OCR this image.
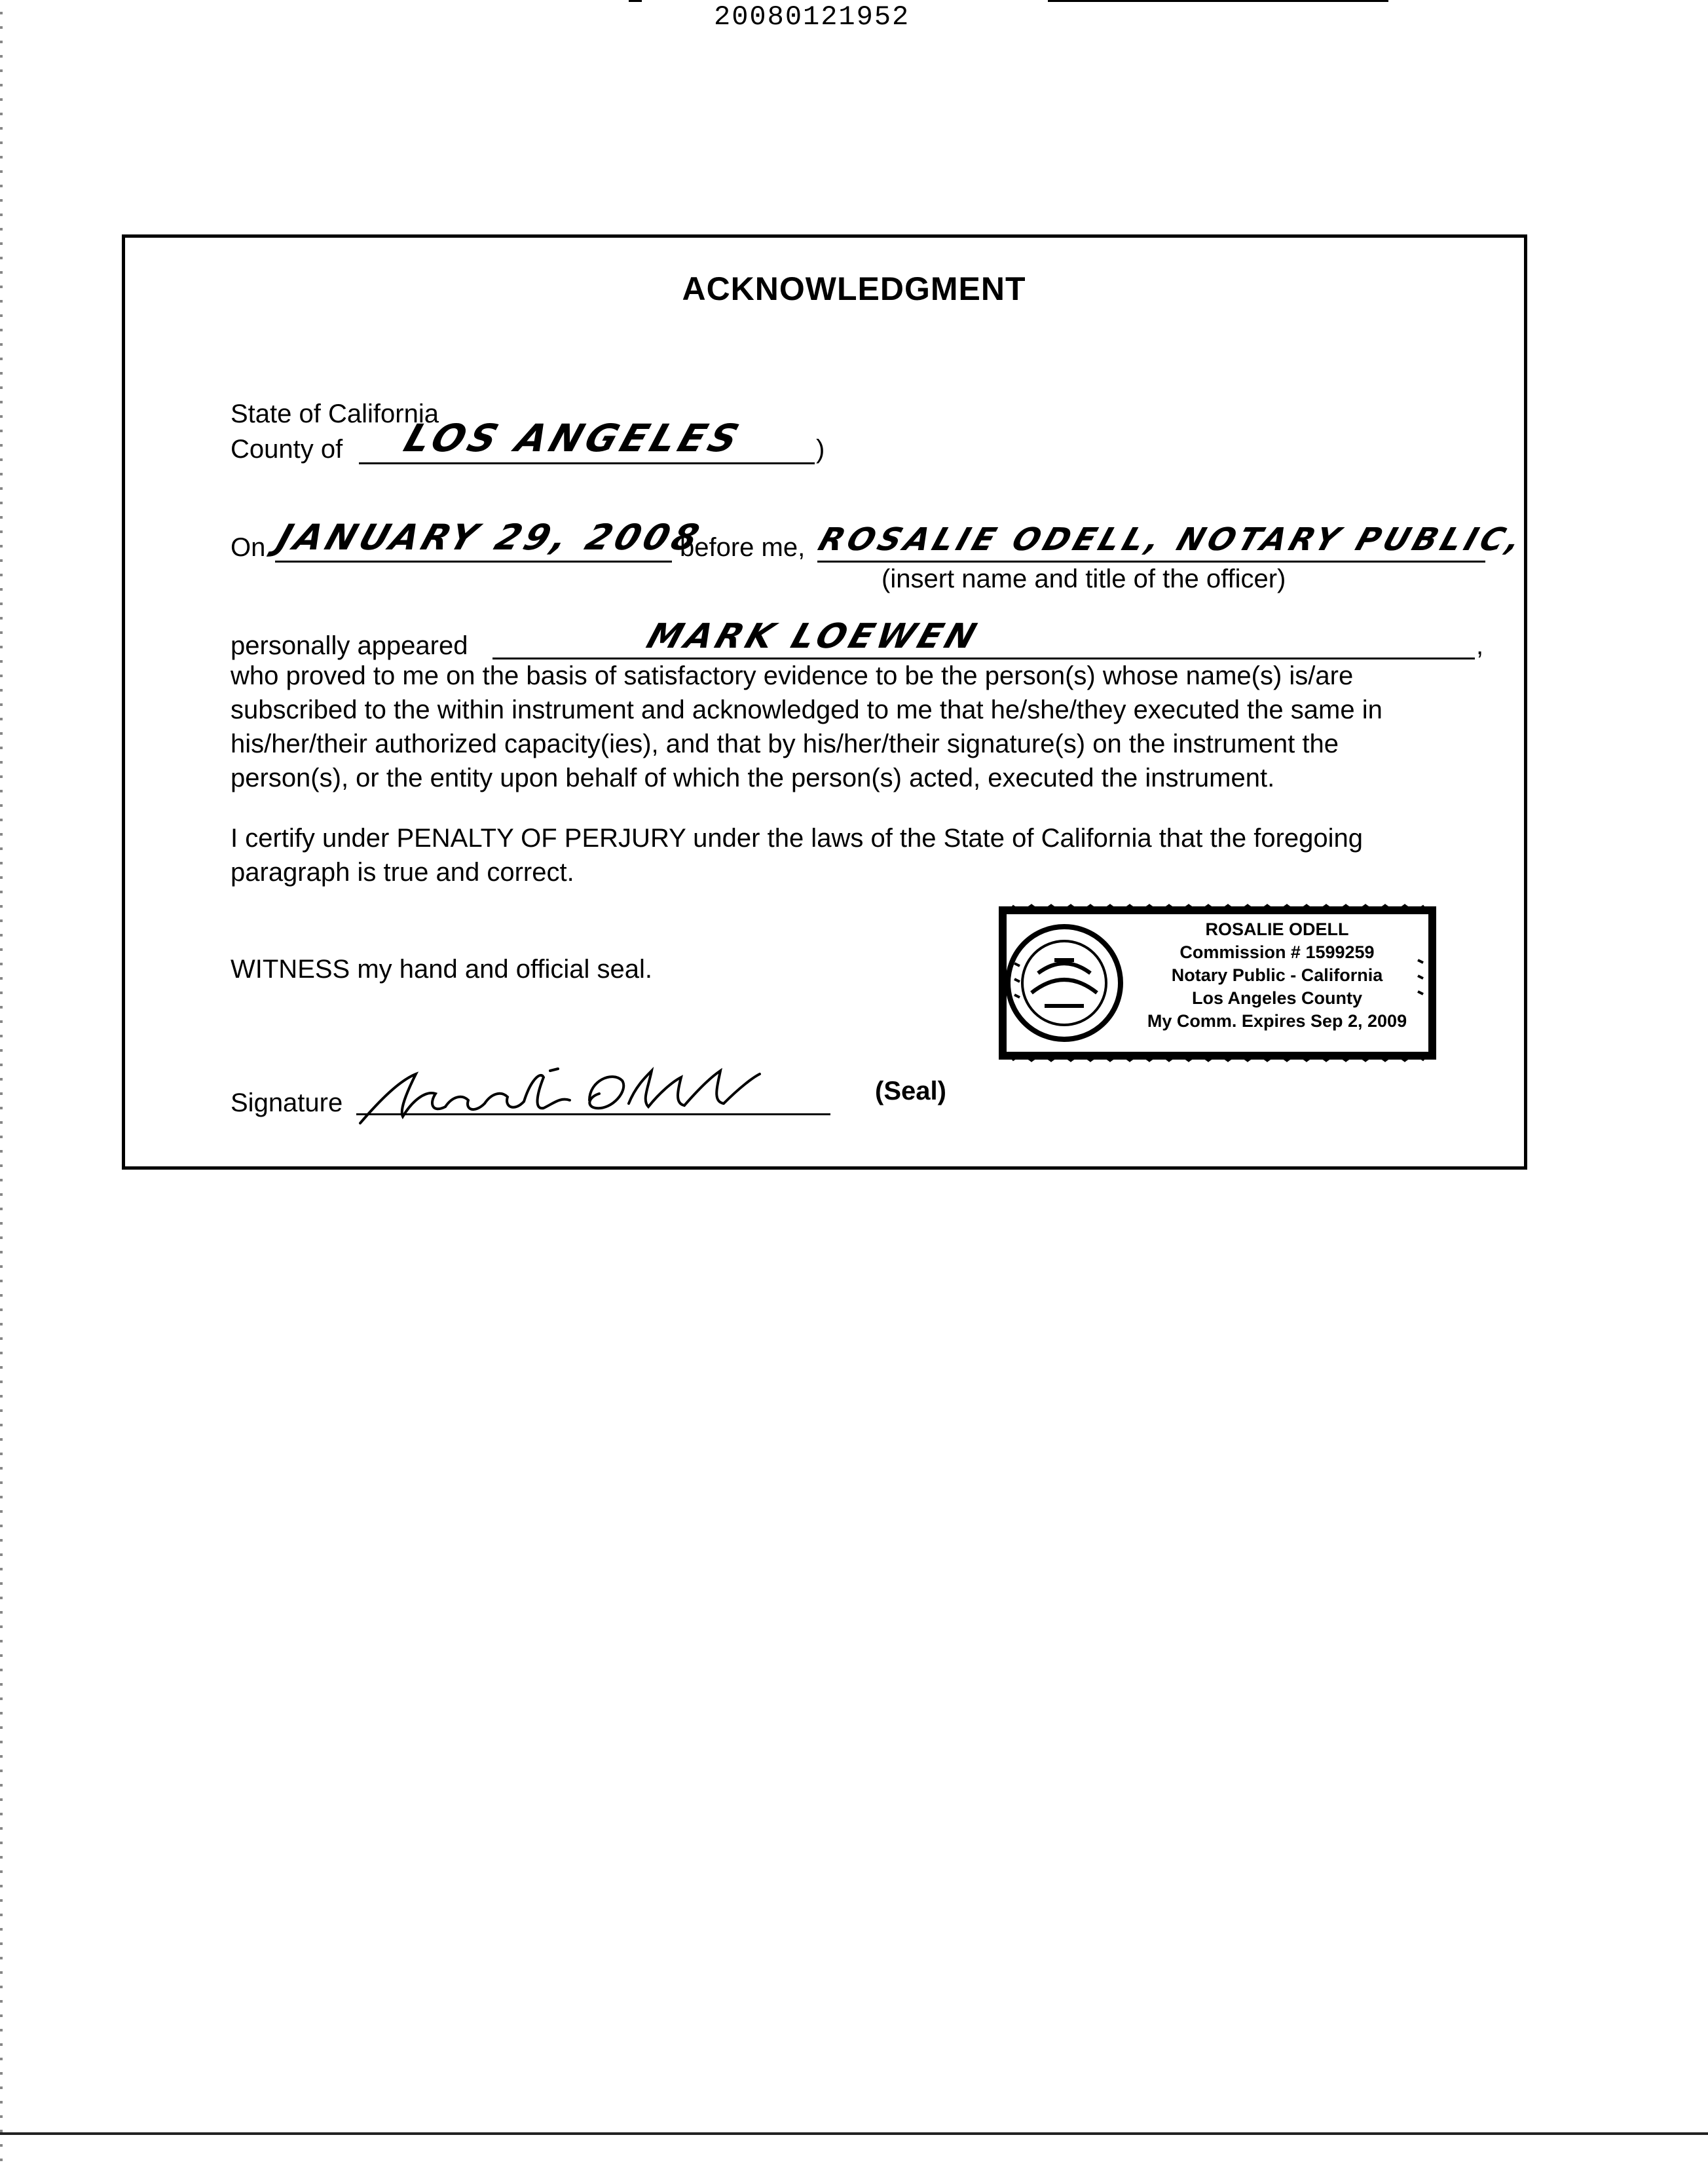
20080121952
ACKNOWLEDGMENT
State of California
County of LOS ANGELES	)
On JANUARY 29, 2008
before me, ROSALIE ODELL, NOTARY PUBLIC,
(insert name and title of the officer)
personally appeared	MARK LOEWEN	,
who proved to me on the basis of satisfactory evidence to be the person(s) whose name(s) is/are
subscribed to the within instrument and acknowledged to me that he/she/they executed the same in
his/her/their authorized capacity(ies), and that by his/her/their signature(s) on the instrument the
person(s), or the entity upon behalf of which the person(s) acted, executed the instrument.
I certify under PENALTY OF PERJURY under the laws of the State of California that the foregoing
paragraph is true and correct.
WITNESS my hand and official seal.
Signature	(Seal)
ROSALIE ODELL
Commission # 1599259
Notary Public - California
Los Angeles County
My Comm. Expires Sep 2, 2009
